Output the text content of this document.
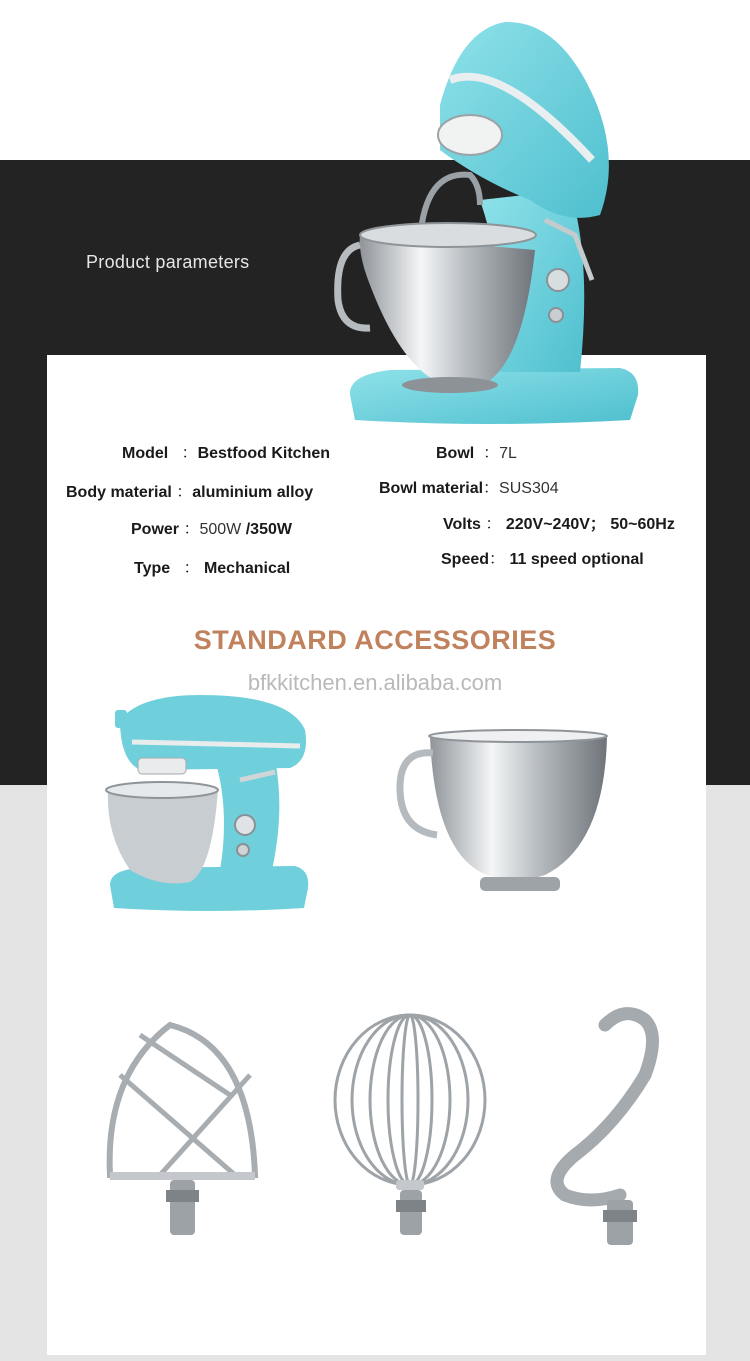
Product parameters
Model   ：Bestfood Kitchen
Body material ：aluminium alloy
Power ：500W /350W
Type   ： Mechanical
Bowl  ：7L
Bowl material：SUS304
Volts ： 220V~240V； 50~60Hz
Speed： 11 speed optional
STANDARD ACCESSORIES
bfkkitchen.en.alibaba.com
